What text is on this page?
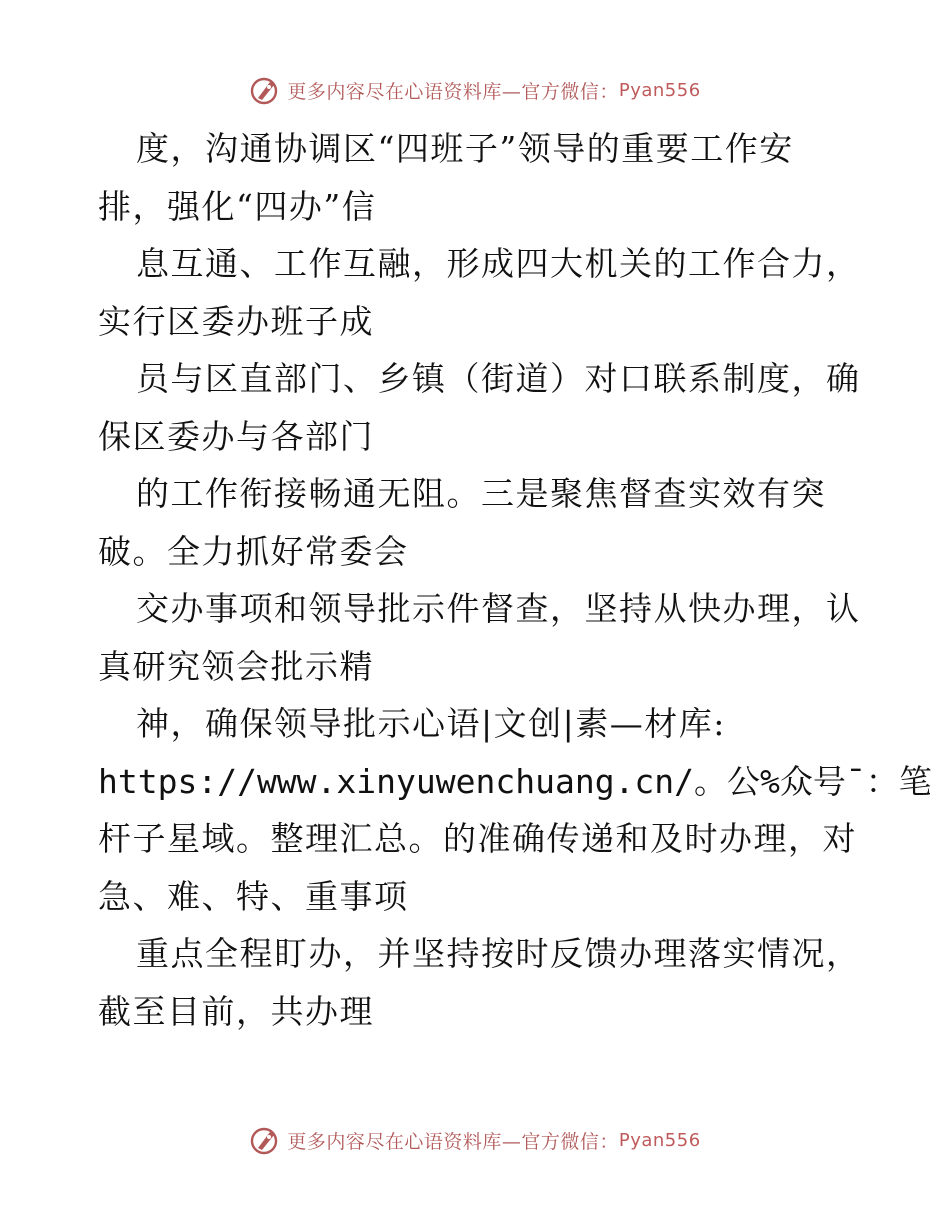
更多内容尽在心语资料库—官方微信： Pyan556
度，沟通协调区“四班子”领导的重要工作安
排，强化“四办”信
息互通、工作互融，形成四大机关的工作合力，
实行区委办班子成
员与区直部门、乡镇（街道）对口联系制度，确
保区委办与各部门
的工作衔接畅通无阻。三是聚焦督查实效有突
破。全力抓好常委会
交办事项和领导批示件督查，坚持从快办理，认
真研究领会批示精
神，确保领导批示心语|文创|素—材库:
https://www.xinyuwenchuang.cn/。公%众号¯：笔
杆子星域。整理汇总。的准确传递和及时办理，对
急、难、特、重事项
重点全程盯办，并坚持按时反馈办理落实情况，
截至目前，共办理
更多内容尽在心语资料库—官方微信： Pyan556
